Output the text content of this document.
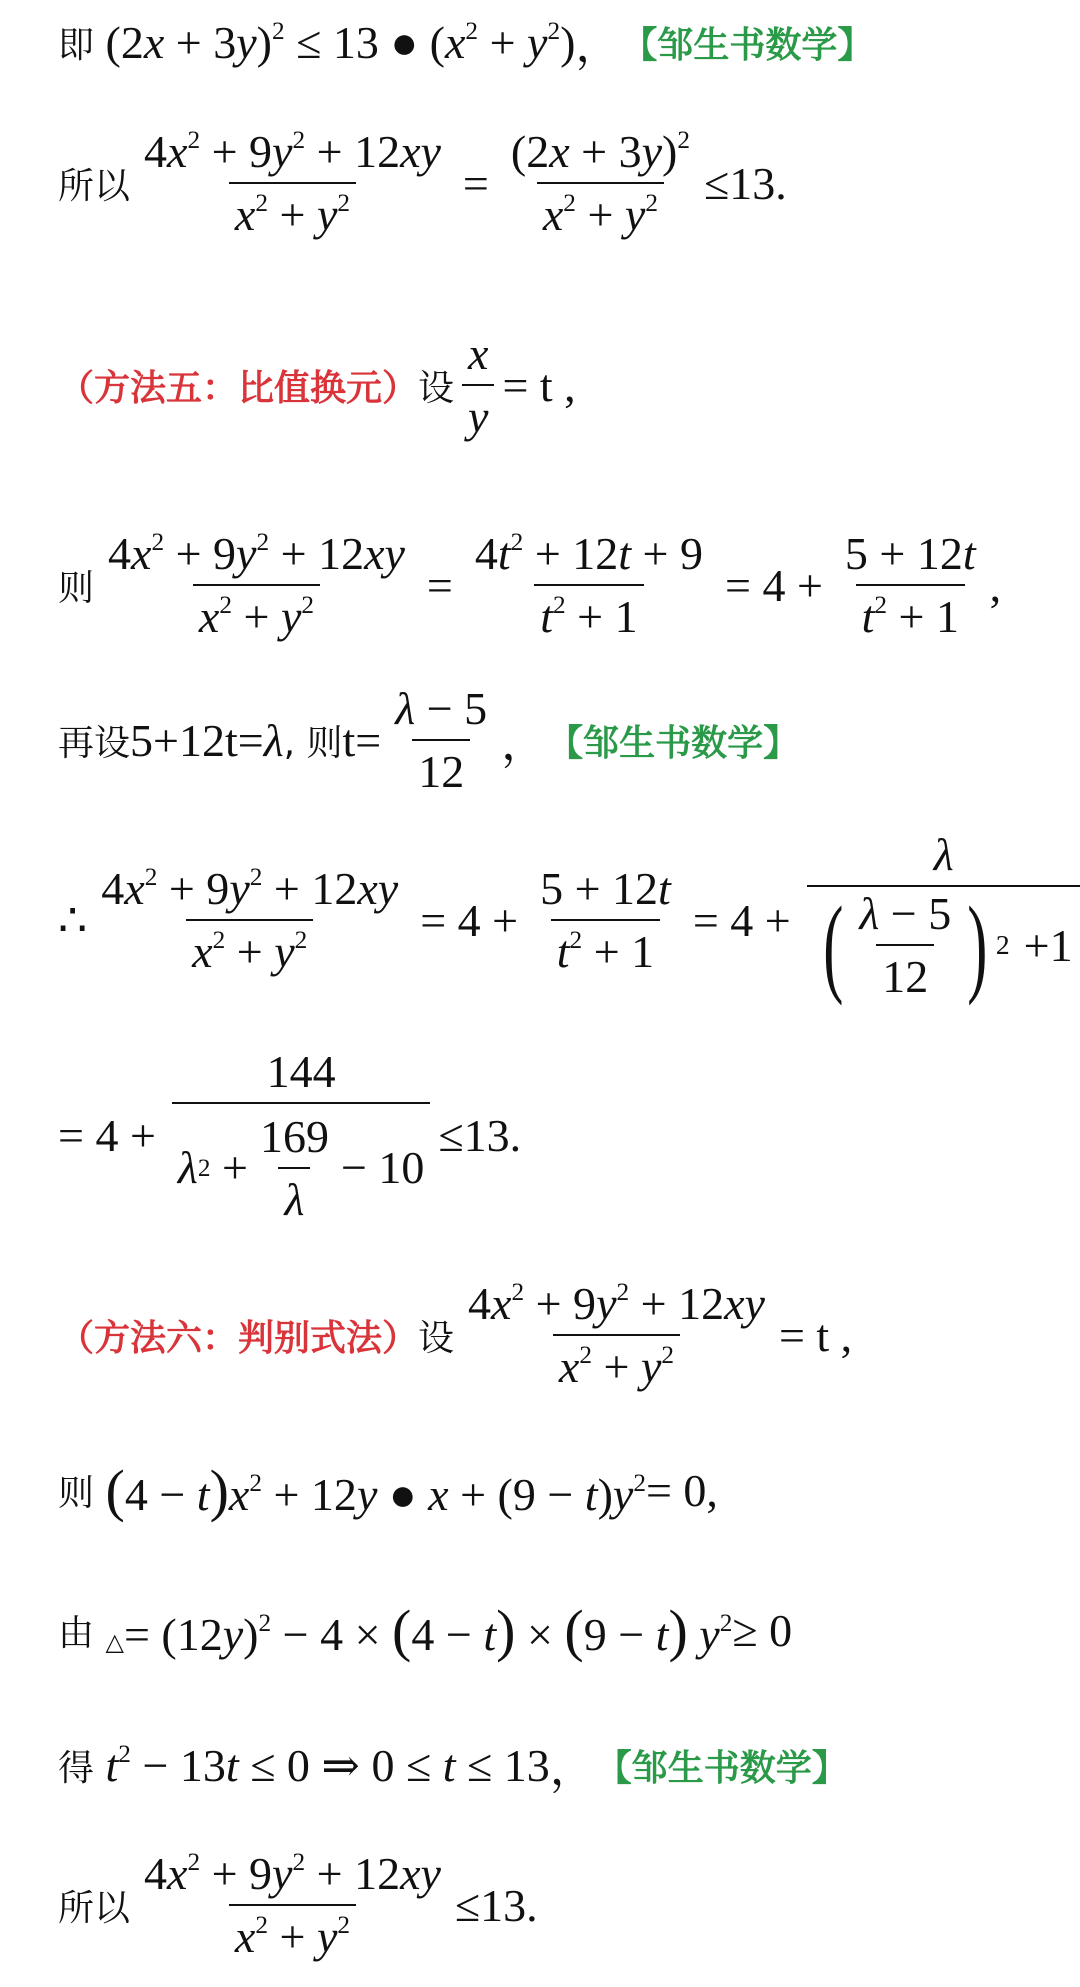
即 $(2x + 3y)^2 \le 13$ ● $(x^2 + y^2)$ ， 【邹生书数学】
所以 $\frac{4x^2 + 9y^2 + 12xy}{x^2 + y^2} = \frac{(2x + 3y)^2}{x^2 + y^2} \le 13$ .
（方法五：比值换元） 设 $\frac{x}{y} = t$ ,
则 $\frac{4x^2 + 9y^2 + 12xy}{x^2 + y^2} = \frac{4t^2 + 12t + 9}{t^2 + 1} = 4 + \frac{5 + 12t}{t^2 + 1}$ ,
再设 5+12t=λ , 则 $t= \frac{\lambda - 5}{12}$ ， 【邹生书数学】
∴ $\frac{4x^2 + 9y^2 + 12xy}{x^2 + y^2} = 4 + \frac{5 + 12t}{t^2 + 1} = 4$ +
λ
( $\frac{\lambda - 5}{12}$ ) 2 +1
= $4 + \frac{144}{\lambda 2 + \frac{169}{\lambda} - 10} \le 13$ .
（方法六：判别式法） 设 $\frac{4x^2 + 9y^2 + 12xy}{x^2 + y^2} = t$ ,
则 $(4 - t)x^2 + 12y$ ● $x + (9 - t)y^2 = 0$,
由 △= $(12y)^2 - 4 \times (4 - t) \times (9 - t) y^2 \ge 0$
得 $t^2 - 13t \le 0$ ⇒ 0 ≤ t ≤ 13 ， 【邹生书数学】
所以 $\frac{4x^2 + 9y^2 + 12xy}{x^2 + y^2} \le 13$ .
